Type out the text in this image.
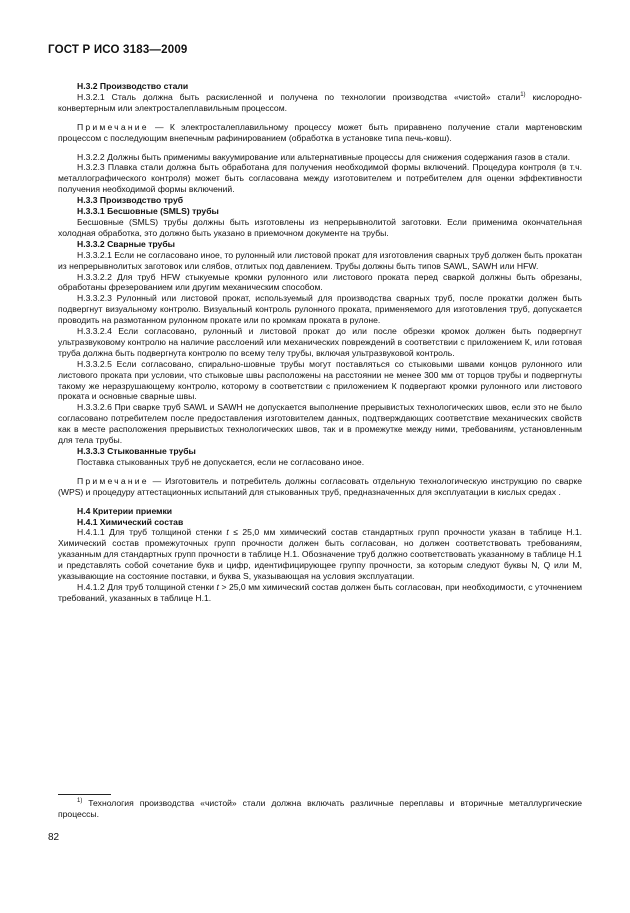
ГОСТ Р ИСО 3183—2009

Н.3.2 Производство стали

Н.3.2.1 Сталь должна быть раскисленной и получена по технологии производства «чистой» стали$^{1)}$ кислородно-конвертерным или электросталеплавильным процессом.

Примечание — К электросталеплавильному процессу может быть приравнено получение стали мартеновским процессом с последующим внепечным рафинированием (обработка в установке типа печь-ковш).

Н.3.2.2 Должны быть применимы вакуумирование или альтернативные процессы для снижения содержания газов в стали.

Н.3.2.3 Плавка стали должна быть обработана для получения необходимой формы включений. Процедура контроля (в т.ч. металлографического контроля) может быть согласована между изготовителем и потребителем для оценки эффективности получения необходимой формы включений.

Н.3.3 Производство труб

Н.3.3.1 Бесшовные (SMLS) трубы

Бесшовные (SMLS) трубы должны быть изготовлены из непрерывнолитой заготовки. Если применима окончательная холодная обработка, это должно быть указано в приемочном документе на трубы.

Н.3.3.2 Сварные трубы

Н.3.3.2.1 Если не согласовано иное, то рулонный или листовой прокат для изготовления сварных труб должен быть прокатан из непрерывнолитых заготовок или слябов, отлитых под давлением. Трубы должны быть типов SAWL, SAWH или HFW.

Н.3.3.2.2 Для труб HFW стыкуемые кромки рулонного или листового проката перед сваркой должны быть обрезаны, обработаны фрезерованием или другим механическим способом.

Н.3.3.2.3 Рулонный или листовой прокат, используемый для производства сварных труб, после прокатки должен быть подвергнут визуальному контролю. Визуальный контроль рулонного проката, применяемого для изготовления труб, допускается проводить на размотанном рулонном прокате или по кромкам проката в рулоне.

Н.3.3.2.4 Если согласовано, рулонный и листовой прокат до или после обрезки кромок должен быть подвергнут ультразвуковому контролю на наличие расслоений или механических повреждений в соответствии с приложением К, или готовая труба должна быть подвергнута контролю по всему телу трубы, включая ультразвуковой контроль.

Н.3.3.2.5 Если согласовано, спирально-шовные трубы могут поставляться со стыковыми швами концов рулонного или листового проката при условии, что стыковые швы расположены на расстоянии не менее 300 мм от торцов трубы и подвергнуты такому же неразрушающему контролю, которому в соответствии с приложением К подвергают кромки рулонного или листового проката и основные сварные швы.

Н.3.3.2.6 При сварке труб SAWL и SAWH не допускается выполнение прерывистых технологических швов, если это не было согласовано потребителем после предоставления изготовителем данных, подтверждающих соответствие механических свойств как в месте расположения прерывистых технологических швов, так и в промежутке между ними, требованиям, установленным для тела трубы.

Н.3.3.3 Стыкованные трубы

Поставка стыкованных труб не допускается, если не согласовано иное.

Примечание — Изготовитель и потребитель должны согласовать отдельную технологическую инструкцию по сварке (WPS) и процедуру аттестационных испытаний для стыкованных труб, предназначенных для эксплуатации в кислых средах .

Н.4 Критерии приемки

Н.4.1 Химический состав

Н.4.1.1 Для труб толщиной стенки t ≤ 25,0 мм химический состав стандартных групп прочности указан в таблице Н.1. Химический состав промежуточных групп прочности должен быть согласован, но должен соответствовать требованиям, указанным для стандартных групп прочности в таблице Н.1. Обозначение труб должно соответствовать указанному в таблице Н.1 и представлять собой сочетание букв и цифр, идентифицирующее группу прочности, за которым следуют буквы N, Q или M, указывающие на состояние поставки, и буква S, указывающая на условия эксплуатации.

Н.4.1.2 Для труб толщиной стенки t > 25,0 мм химический состав должен быть согласован, при необходимости, с уточнением требований, указанных в таблице Н.1.

$^{1)}$ Технология производства «чистой» стали должна включать различные переплавы и вторичные металлургические процессы.
82
